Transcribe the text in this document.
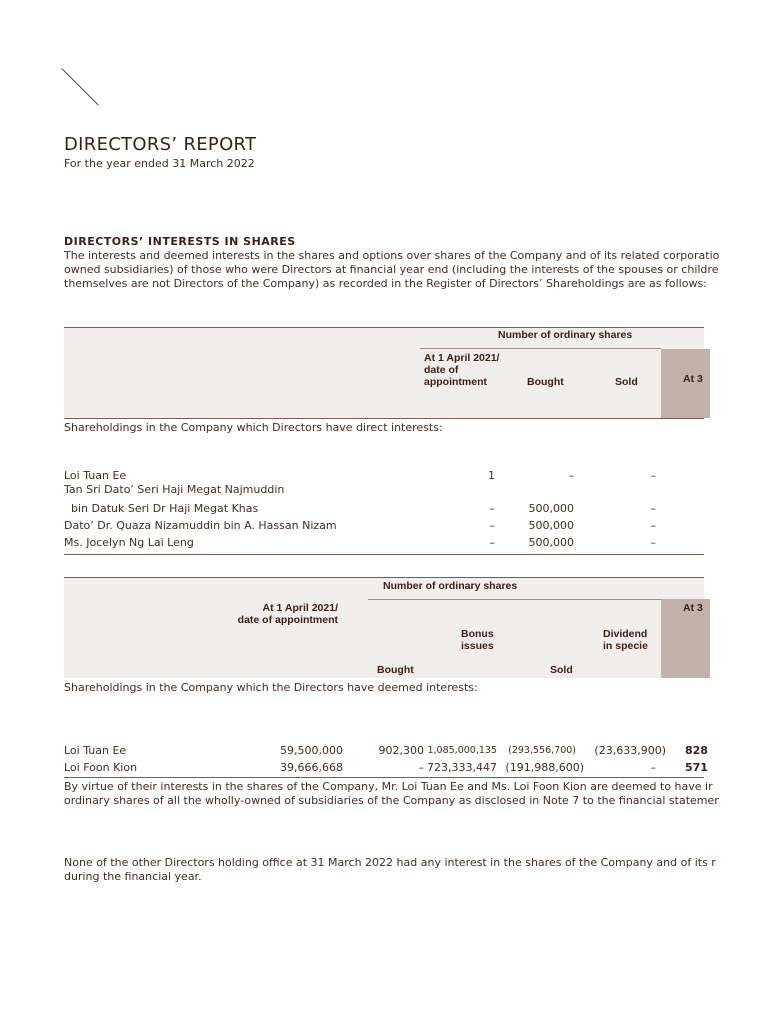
DIRECTORS’ REPORT
For the year ended 31 March 2022
DIRECTORS’ INTERESTS IN SHARES
The interests and deemed interests in the shares and options over shares of the Company and of its related corporatio
owned subsidiaries) of those who were Directors at financial year end (including the interests of the spouses or childre
themselves are not Directors of the Company) as recorded in the Register of Directors’ Shareholdings are as follows:
Number of ordinary shares
At 1 April 2021/
date of
appointment	Bought	Sold	At 3
Shareholdings in the Company which Directors have direct interests:
Loi Tuan Ee	1	–	–
Tan Sri Dato’ Seri Haji Megat Najmuddin
bin Datuk Seri Dr Haji Megat Khas	–	500,000	–
Dato’ Dr. Quaza Nizamuddin bin A. Hassan Nizam	–	500,000	–
Ms. Jocelyn Ng Lai Leng	–	500,000	–
Number of ordinary shares
At 1 April 2021/
date of appointment
Bonus
issues
Dividend
in specie
Bought	Sold
At 3
Shareholdings in the Company which the Directors have deemed interests:
Loi Tuan Ee	59,500,000	902,300 1,085,000,135	(293,556,700)	(23,633,900) 828
Loi Foon Kion	39,666,668	– 723,333,447 (191,988,600)	–	571
By virtue of their interests in the shares of the Company, Mr. Loi Tuan Ee and Ms. Loi Foon Kion are deemed to have ir
ordinary shares of all the wholly-owned of subsidiaries of the Company as disclosed in Note 7 to the financial statemer
None of the other Directors holding office at 31 March 2022 had any interest in the shares of the Company and of its r
during the financial year.
